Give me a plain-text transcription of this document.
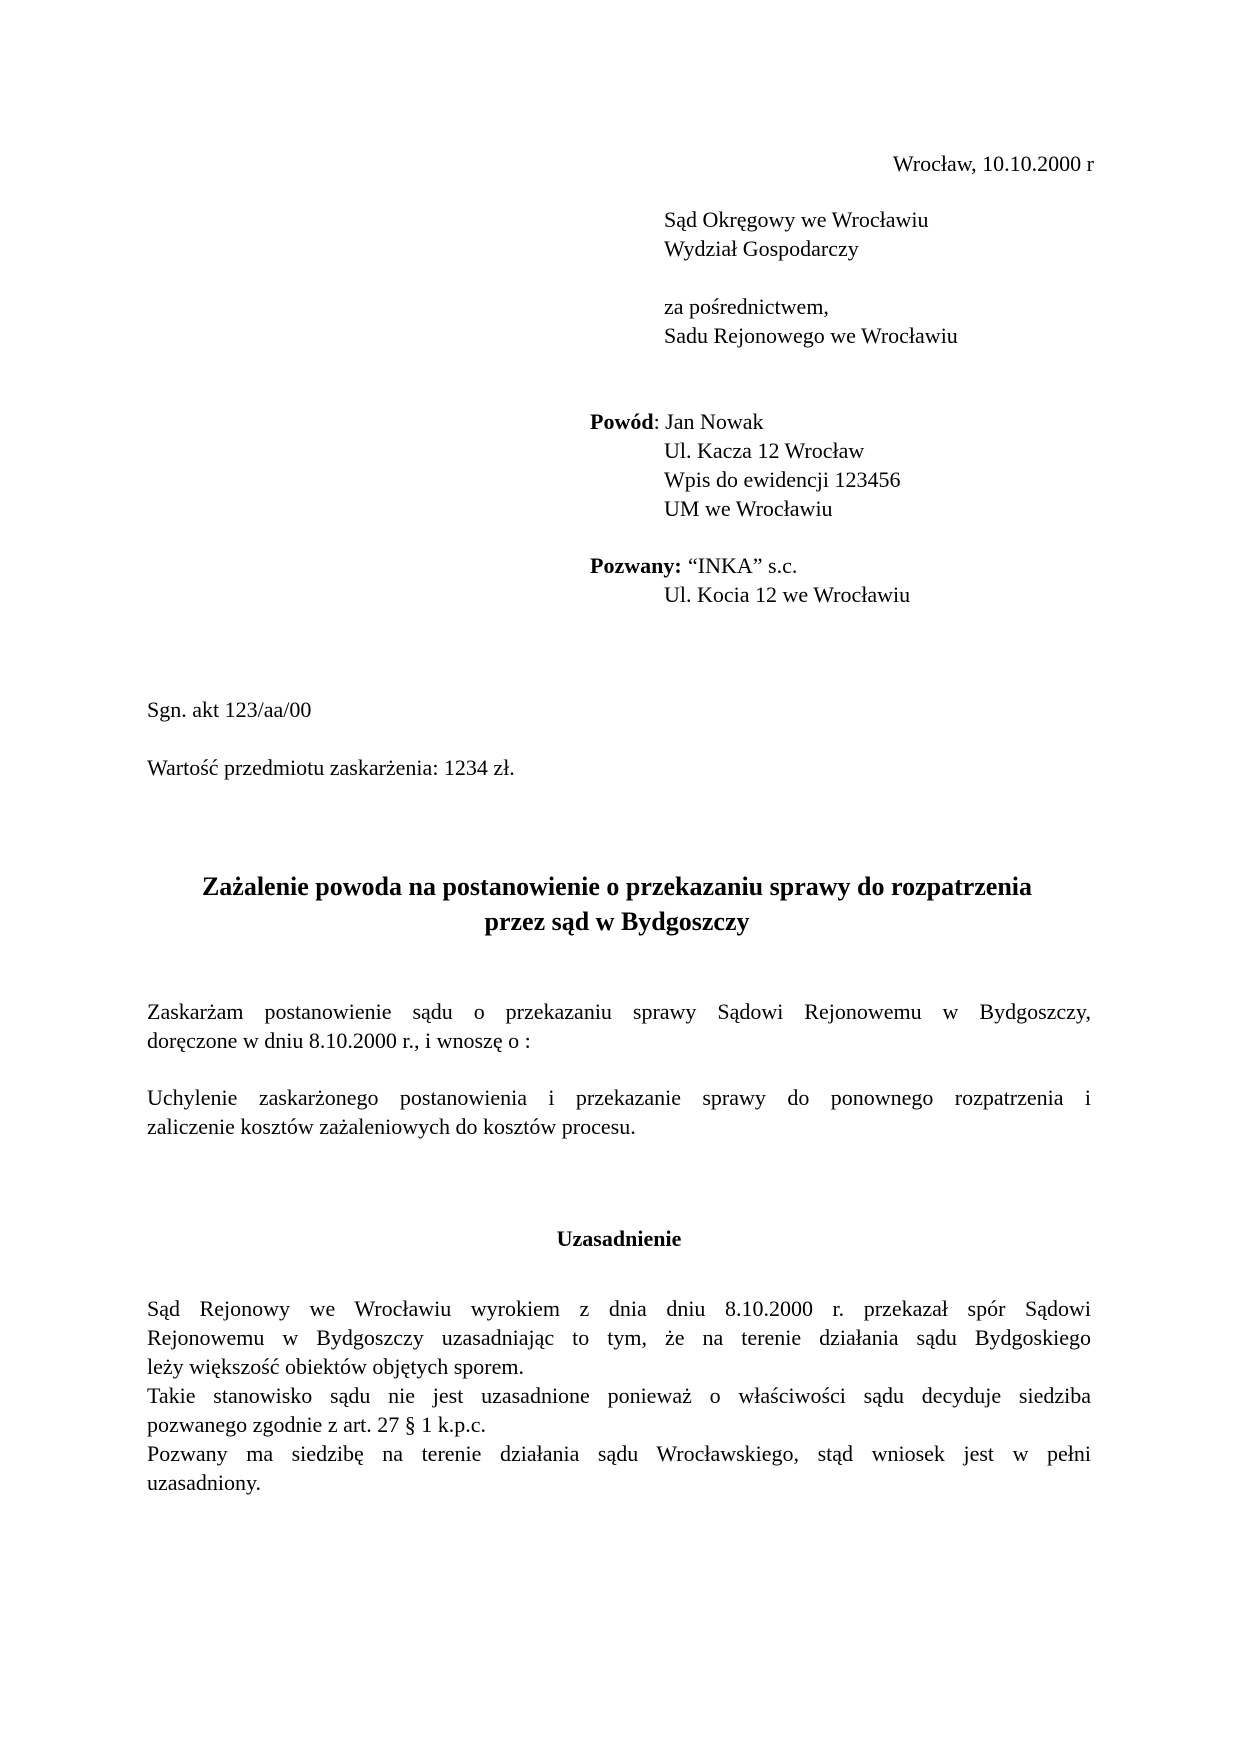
Wrocław, 10.10.2000 r
Sąd Okręgowy we Wrocławiu
Wydział Gospodarczy
za pośrednictwem,
Sadu Rejonowego we Wrocławiu
Powód: Jan Nowak
Ul. Kacza 12 Wrocław
Wpis do ewidencji 123456
UM we Wrocławiu
Pozwany: “INKA” s.c.
Ul. Kocia 12 we Wrocławiu
Sgn. akt 123/aa/00
Wartość przedmiotu zaskarżenia: 1234 zł.
Zażalenie powoda na postanowienie o przekazaniu sprawy do rozpatrzenia
przez sąd w Bydgoszczy
Zaskarżam postanowienie sądu o przekazaniu sprawy Sądowi Rejonowemu w Bydgoszczy,
doręczone w dniu 8.10.2000 r., i wnoszę o :
Uchylenie zaskarżonego postanowienia i przekazanie sprawy do ponownego rozpatrzenia i
zaliczenie kosztów zażaleniowych do kosztów procesu.
Uzasadnienie
Sąd Rejonowy we Wrocławiu wyrokiem z dnia dniu 8.10.2000 r. przekazał spór Sądowi
Rejonowemu w Bydgoszczy uzasadniając to tym, że na terenie działania sądu Bydgoskiego
leży większość obiektów objętych sporem.
Takie stanowisko sądu nie jest uzasadnione ponieważ o właściwości sądu decyduje siedziba
pozwanego zgodnie z art. 27 § 1 k.p.c.
Pozwany ma siedzibę na terenie działania sądu Wrocławskiego, stąd wniosek jest w pełni
uzasadniony.
